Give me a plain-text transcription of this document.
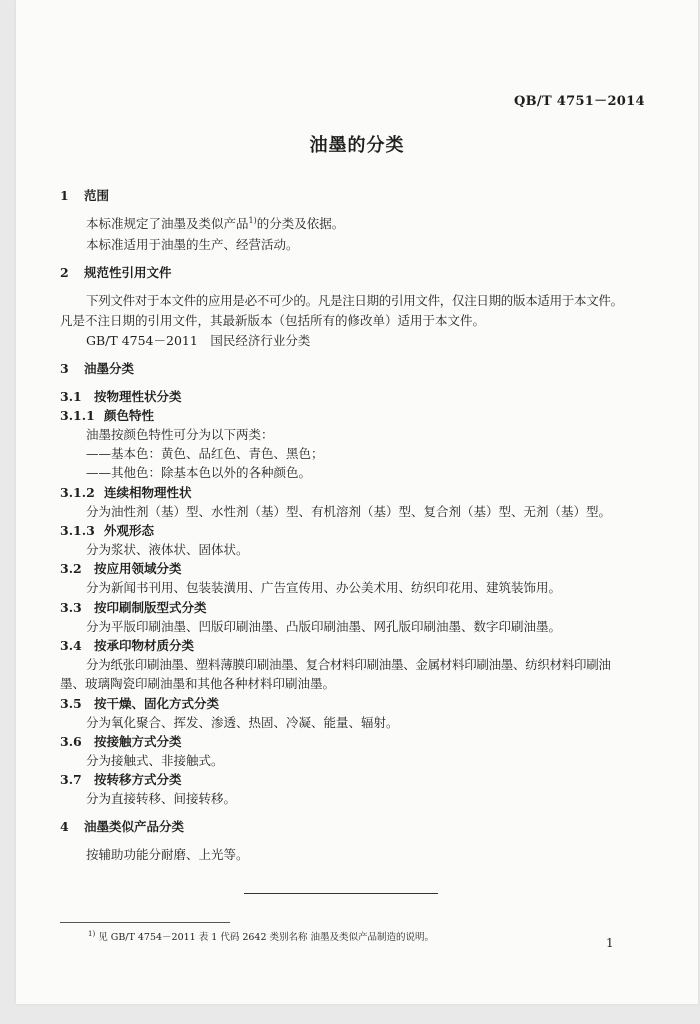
QB/T 4751－2014
油墨的分类
1 范围
本标准规定了油墨及类似产品$^{1)}$的分类及依据。
本标准适用于油墨的生产、经营活动。
2 规范性引用文件
下列文件对于本文件的应用是必不可少的。凡是注日期的引用文件，仅注日期的版本适用于本文件。
凡是不注日期的引用文件，其最新版本（包括所有的修改单）适用于本文件。
GB/T 4754－2011　国民经济行业分类
3 油墨分类
3.1 按物理性状分类
3.1.1 颜色特性
油墨按颜色特性可分为以下两类：
——基本色：黄色、品红色、青色、黑色；
——其他色：除基本色以外的各种颜色。
3.1.2 连续相物理性状
分为油性剂（基）型、水性剂（基）型、有机溶剂（基）型、复合剂（基）型、无剂（基）型。
3.1.3 外观形态
分为浆状、液体状、固体状。
3.2 按应用领域分类
分为新闻书刊用、包装装潢用、广告宣传用、办公美术用、纺织印花用、建筑装饰用。
3.3 按印刷制版型式分类
分为平版印刷油墨、凹版印刷油墨、凸版印刷油墨、网孔版印刷油墨、数字印刷油墨。
3.4 按承印物材质分类
分为纸张印刷油墨、塑料薄膜印刷油墨、复合材料印刷油墨、金属材料印刷油墨、纺织材料印刷油
墨、玻璃陶瓷印刷油墨和其他各种材料印刷油墨。
3.5 按干燥、固化方式分类
分为氧化聚合、挥发、渗透、热固、冷凝、能量、辐射。
3.6 按接触方式分类
分为接触式、非接触式。
3.7 按转移方式分类
分为直接转移、间接转移。
4 油墨类似产品分类
按辅助功能分耐磨、上光等。
$^{1)}$ 见 GB/T 4754－2011 表 1 代码 2642 类别名称 油墨及类似产品制造的说明。	1
